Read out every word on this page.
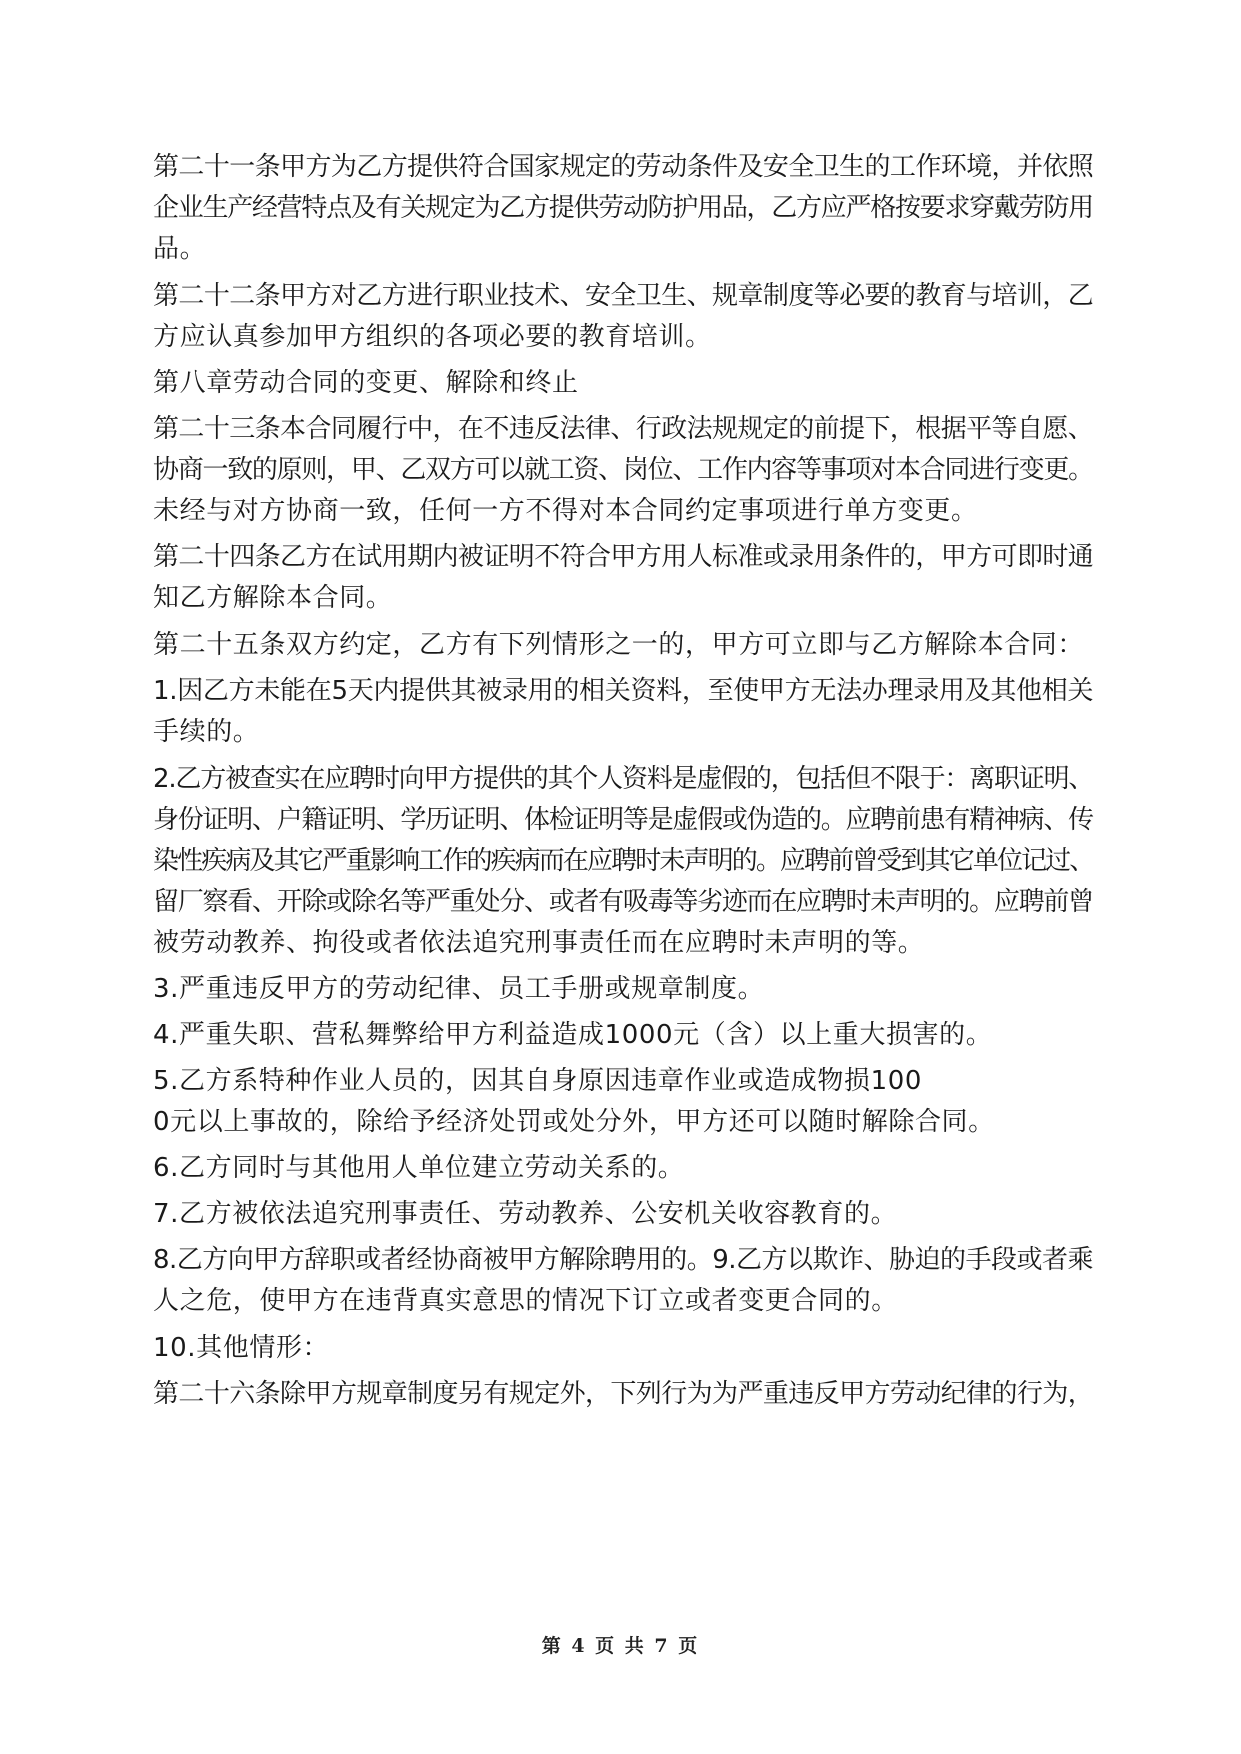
第二十一条甲方为乙方提供符合国家规定的劳动条件及安全卫生的工作环境，并依照
企业生产经营特点及有关规定为乙方提供劳动防护用品，乙方应严格按要求穿戴劳防用
品。
第二十二条甲方对乙方进行职业技术、安全卫生、规章制度等必要的教育与培训，乙
方应认真参加甲方组织的各项必要的教育培训。
第八章劳动合同的变更、解除和终止
第二十三条本合同履行中，在不违反法律、行政法规规定的前提下，根据平等自愿、
协商一致的原则，甲、乙双方可以就工资、岗位、工作内容等事项对本合同进行变更。
未经与对方协商一致，任何一方不得对本合同约定事项进行单方变更。
第二十四条乙方在试用期内被证明不符合甲方用人标准或录用条件的，甲方可即时通
知乙方解除本合同。
第二十五条双方约定，乙方有下列情形之一的，甲方可立即与乙方解除本合同：
1.因乙方未能在5天内提供其被录用的相关资料，至使甲方无法办理录用及其他相关
手续的。
2.乙方被查实在应聘时向甲方提供的其个人资料是虚假的，包括但不限于：离职证明、
身份证明、户籍证明、学历证明、体检证明等是虚假或伪造的。应聘前患有精神病、传
染性疾病及其它严重影响工作的疾病而在应聘时未声明的。应聘前曾受到其它单位记过、
留厂察看、开除或除名等严重处分、或者有吸毒等劣迹而在应聘时未声明的。应聘前曾
被劳动教养、拘役或者依法追究刑事责任而在应聘时未声明的等。
3.严重违反甲方的劳动纪律、员工手册或规章制度。
4.严重失职、营私舞弊给甲方利益造成1000元（含）以上重大损害的。
5.乙方系特种作业人员的，因其自身原因违章作业或造成物损100
0元以上事故的，除给予经济处罚或处分外，甲方还可以随时解除合同。
6.乙方同时与其他用人单位建立劳动关系的。
7.乙方被依法追究刑事责任、劳动教养、公安机关收容教育的。
8.乙方向甲方辞职或者经协商被甲方解除聘用的。9.乙方以欺诈、胁迫的手段或者乘
人之危，使甲方在违背真实意思的情况下订立或者变更合同的。
10.其他情形：
第二十六条除甲方规章制度另有规定外，下列行为为严重违反甲方劳动纪律的行为，
第 4 页 共 7 页
